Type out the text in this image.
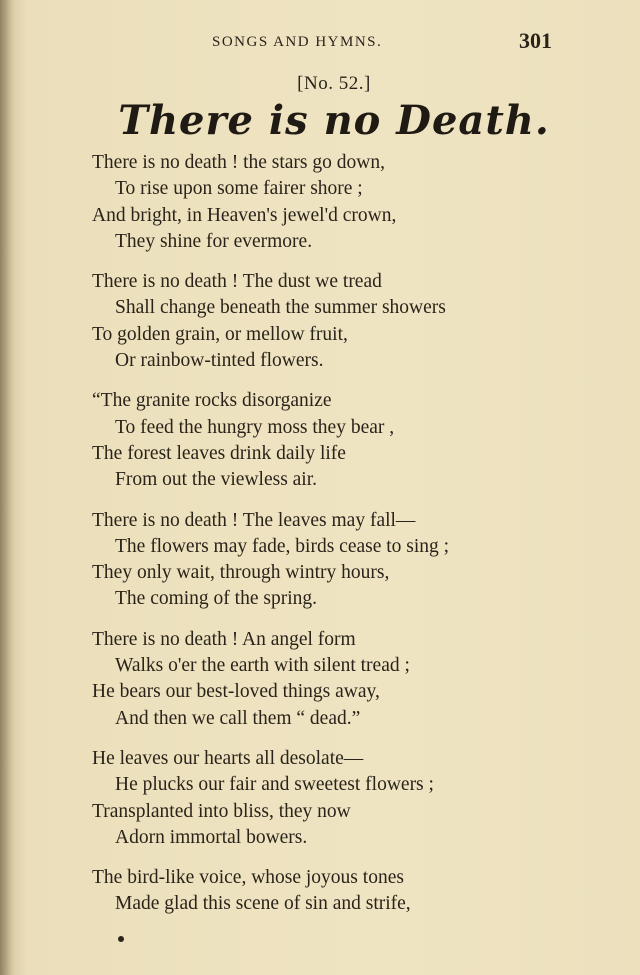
SONGS AND HYMNS.	301
[No. 52.]
There is no Death.
There is no death ! the stars go down,
To rise upon some fairer shore ;
And bright, in Heaven's jewel'd crown,
They shine for evermore.
There is no death ! The dust we tread
Shall change beneath the summer showers
To golden grain, or mellow fruit,
Or rainbow-tinted flowers.
“The granite rocks disorganize
To feed the hungry moss they bear ,
The forest leaves drink daily life
From out the viewless air.
There is no death ! The leaves may fall—
The flowers may fade, birds cease to sing ;
They only wait, through wintry hours,
The coming of the spring.
There is no death ! An angel form
Walks o'er the earth with silent tread ;
He bears our best-loved things away,
And then we call them “ dead.”
He leaves our hearts all desolate—
He plucks our fair and sweetest flowers ;
Transplanted into bliss, they now
Adorn immortal bowers.
The bird-like voice, whose joyous tones
Made glad this scene of sin and strife,
